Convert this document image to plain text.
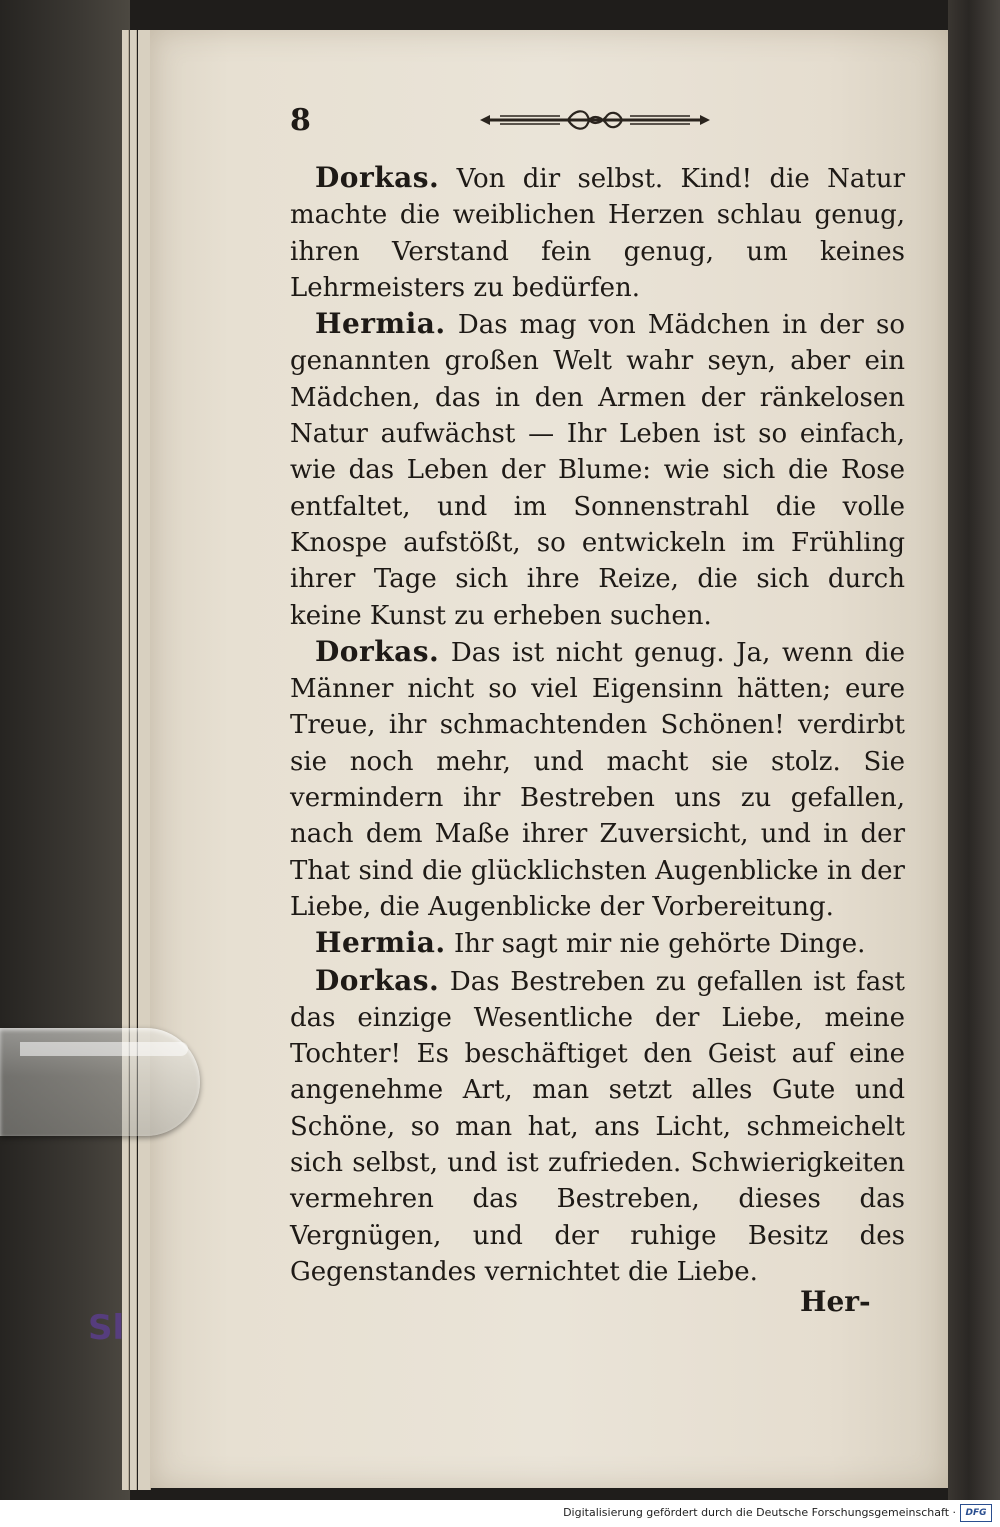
8

Dorkas. Von dir selbst. Kind! die Natur machte die weiblichen Herzen schlau genug, ihren Verstand fein genug, um keines Lehrmeisters zu bedürfen.

Hermia. Das mag von Mädchen in der so genannten großen Welt wahr seyn, aber ein Mädchen, das in den Armen der ränkelosen Natur aufwächst — Ihr Leben ist so einfach, wie das Leben der Blume: wie sich die Rose entfaltet, und im Sonnenstrahl die volle Knospe aufstößt, so entwickeln im Frühling ihrer Tage sich ihre Reize, die sich durch keine Kunst zu erheben suchen.

Dorkas. Das ist nicht genug. Ja, wenn die Männer nicht so viel Eigensinn hätten; eure Treue, ihr schmachtenden Schönen! verdirbt sie noch mehr, und macht sie stolz. Sie vermindern ihr Bestreben uns zu gefallen, nach dem Maße ihrer Zuversicht, und in der That sind die glücklichsten Augenblicke in der Liebe, die Augenblicke der Vorbereitung.

Hermia. Ihr sagt mir nie gehörte Dinge.

Dorkas. Das Bestreben zu gefallen ist fast das einzige Wesentliche der Liebe, meine Tochter! Es beschäftiget den Geist auf eine angenehme Art, man setzt alles Gute und Schöne, so man hat, ans Licht, schmeichelt sich selbst, und ist zufrieden. Schwierigkeiten vermehren das Bestreben, dieses das Vergnügen, und der ruhige Besitz des Gegenstandes vernichtet die Liebe.

Her-
Sl
Digitalisierung gefördert durch die Deutsche Forschungsgemeinschaft ·	DFG
